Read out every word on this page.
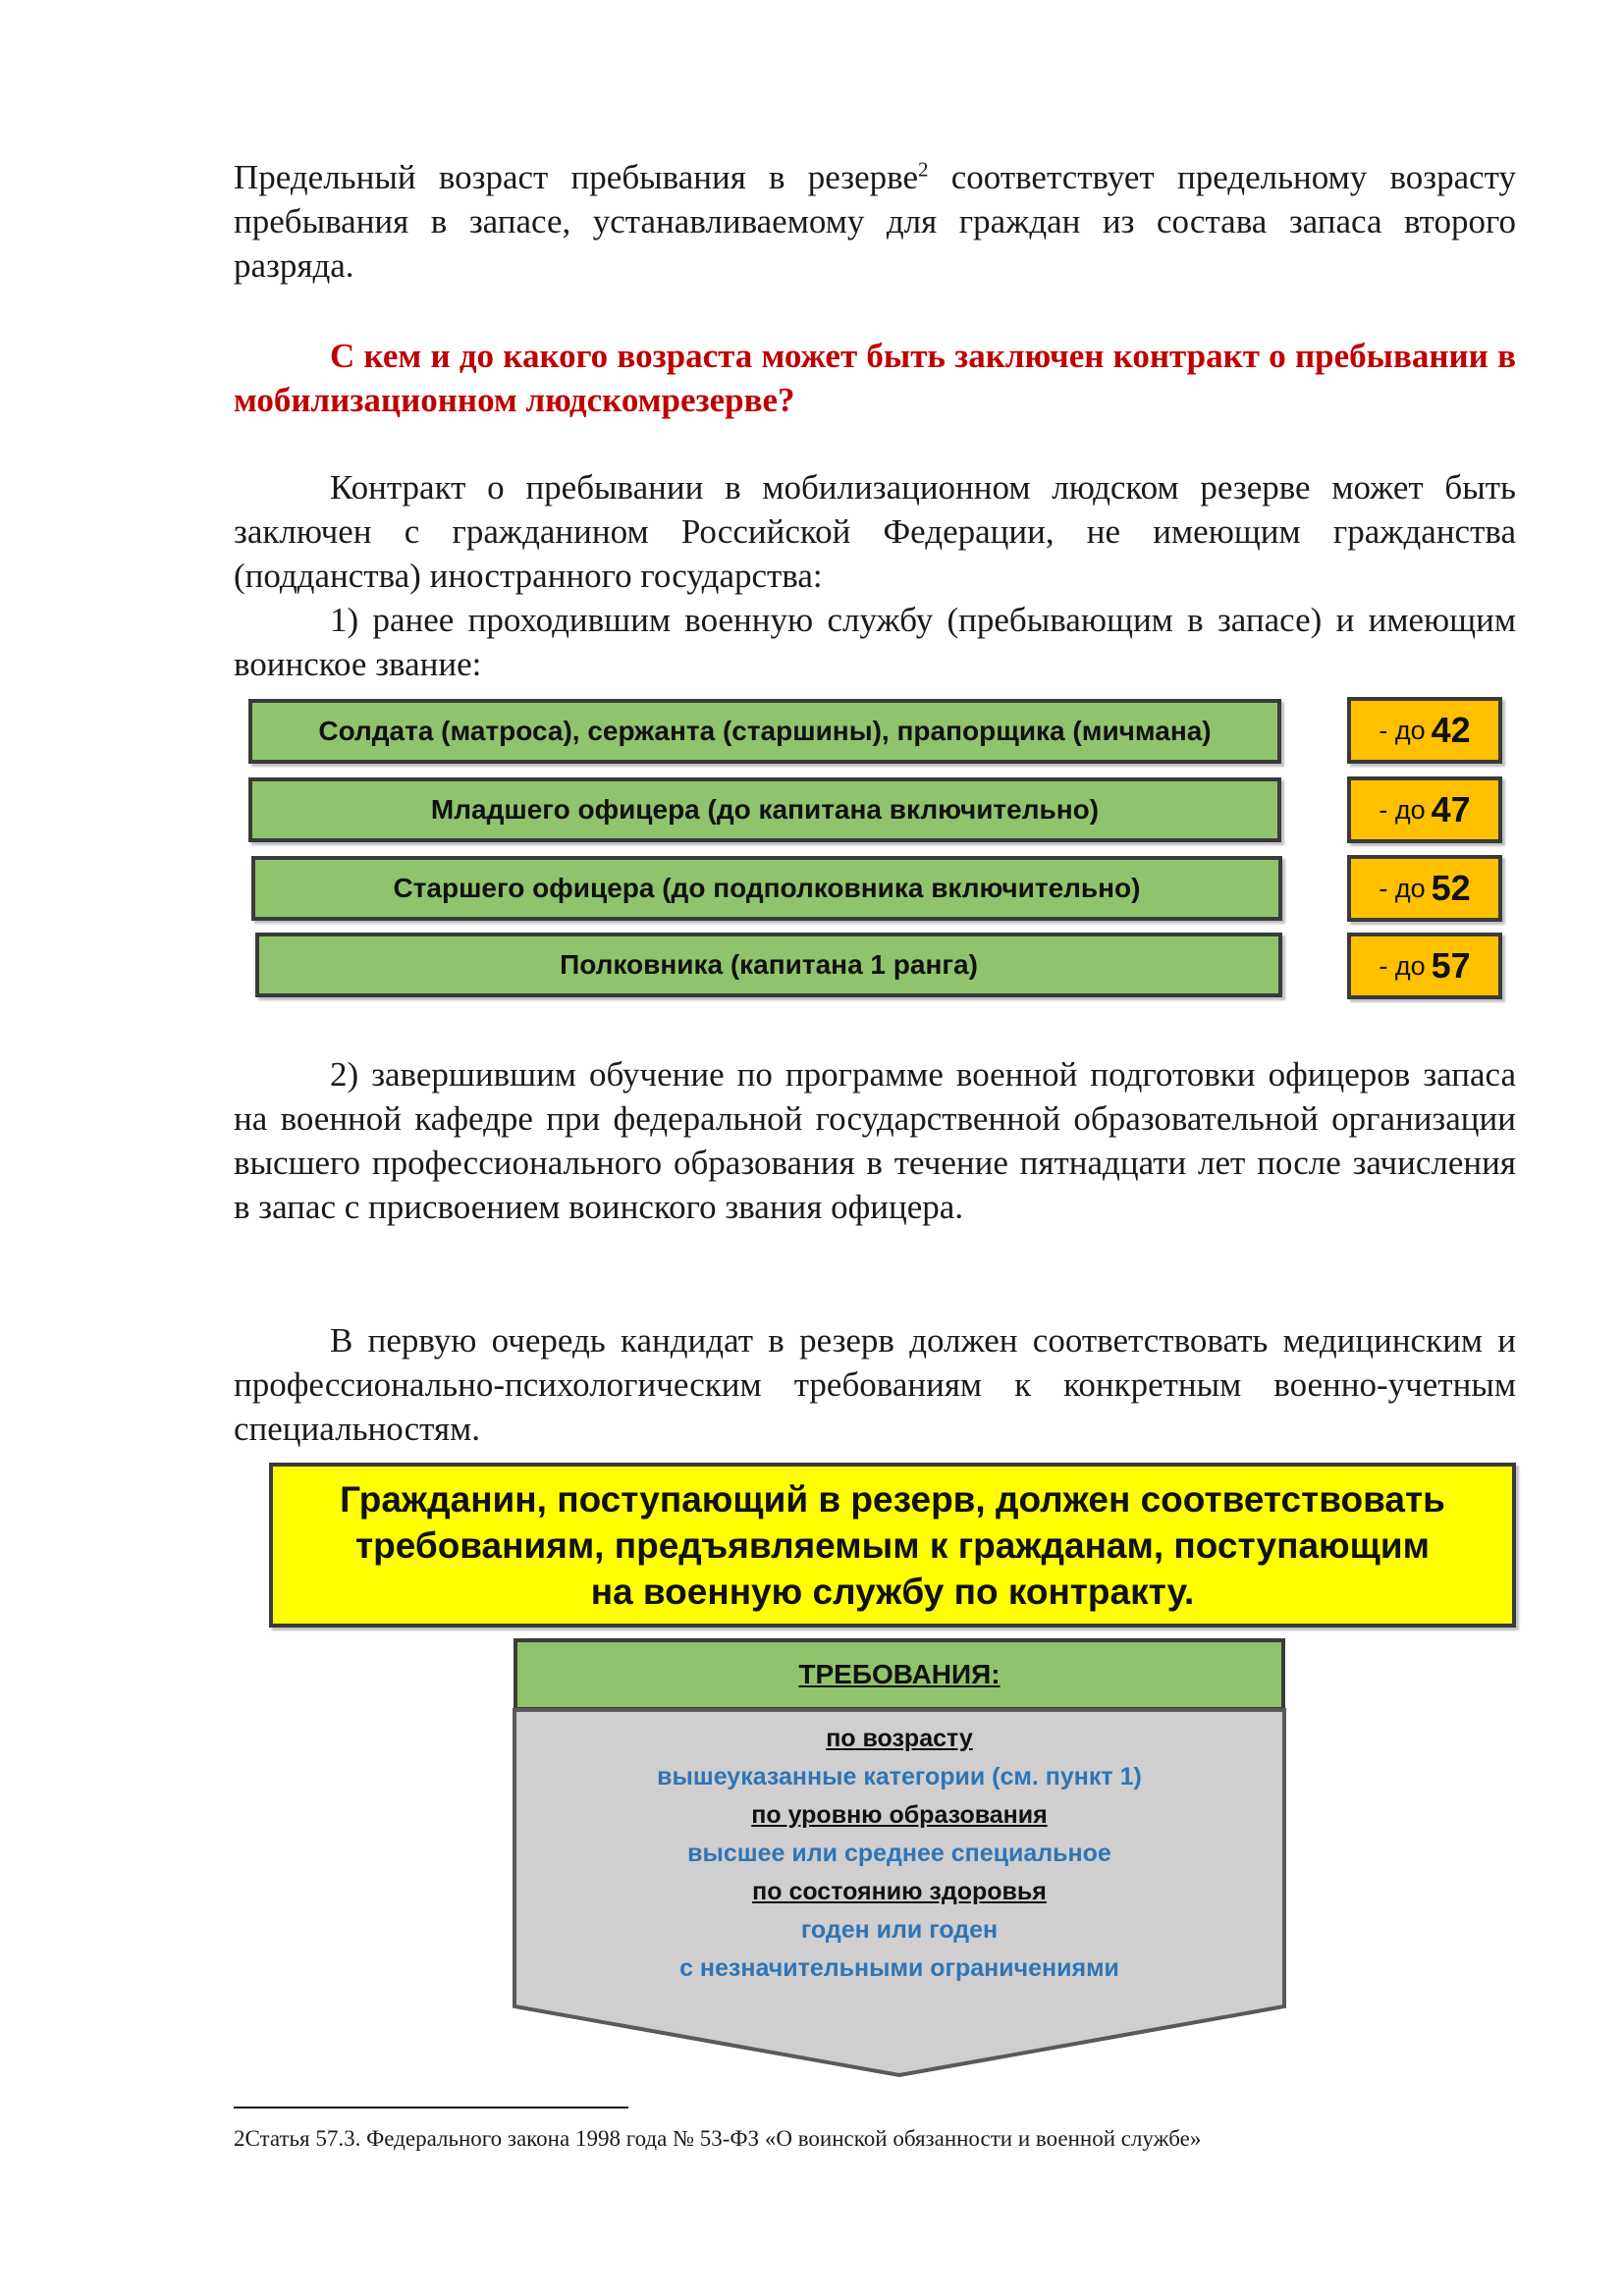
Предельный возраст пребывания в резерве$^2$ соответствует предельному возрасту пребывания в запасе, устанавливаемому для граждан из состава запаса второго разряда.
С кем и до какого возраста может быть заключен контракт о пребывании в мобилизационном людскомрезерве?
Контракт о пребывании в мобилизационном людском резерве может быть заключен с гражданином Российской Федерации, не имеющим гражданства (подданства) иностранного государства:
1) ранее проходившим военную службу (пребывающим в запасе) и имеющим воинское звание:
Солдата (матроса), сержанта (старшины), прапорщика (мичмана)	- до 42
Младшего офицера (до капитана включительно)	- до 47
Старшего офицера (до подполковника включительно)	- до 52
Полковника (капитана 1 ранга)	- до 57
2) завершившим обучение по программе военной подготовки офицеров запаса на военной кафедре при федеральной государственной образовательной организации высшего профессионального образования в течение пятнадцати лет после зачисления в запас с присвоением воинского звания офицера.
В первую очередь кандидат в резерв должен соответствовать медицинским и профессионально-психологическим требованиям к конкретным военно-учетным специальностям.
Гражданин, поступающий в резерв, должен соответствовать
требованиям, предъявляемым к гражданам, поступающим
на военную службу по контракту.
ТРЕБОВАНИЯ:
по возрасту
вышеуказанные категории (см. пункт 1)
по уровню образования
высшее или среднее специальное
по состоянию здоровья
годен или годен
с незначительными ограничениями
2Статья 57.3. Федерального закона 1998 года № 53-ФЗ «О воинской обязанности и военной службе»
